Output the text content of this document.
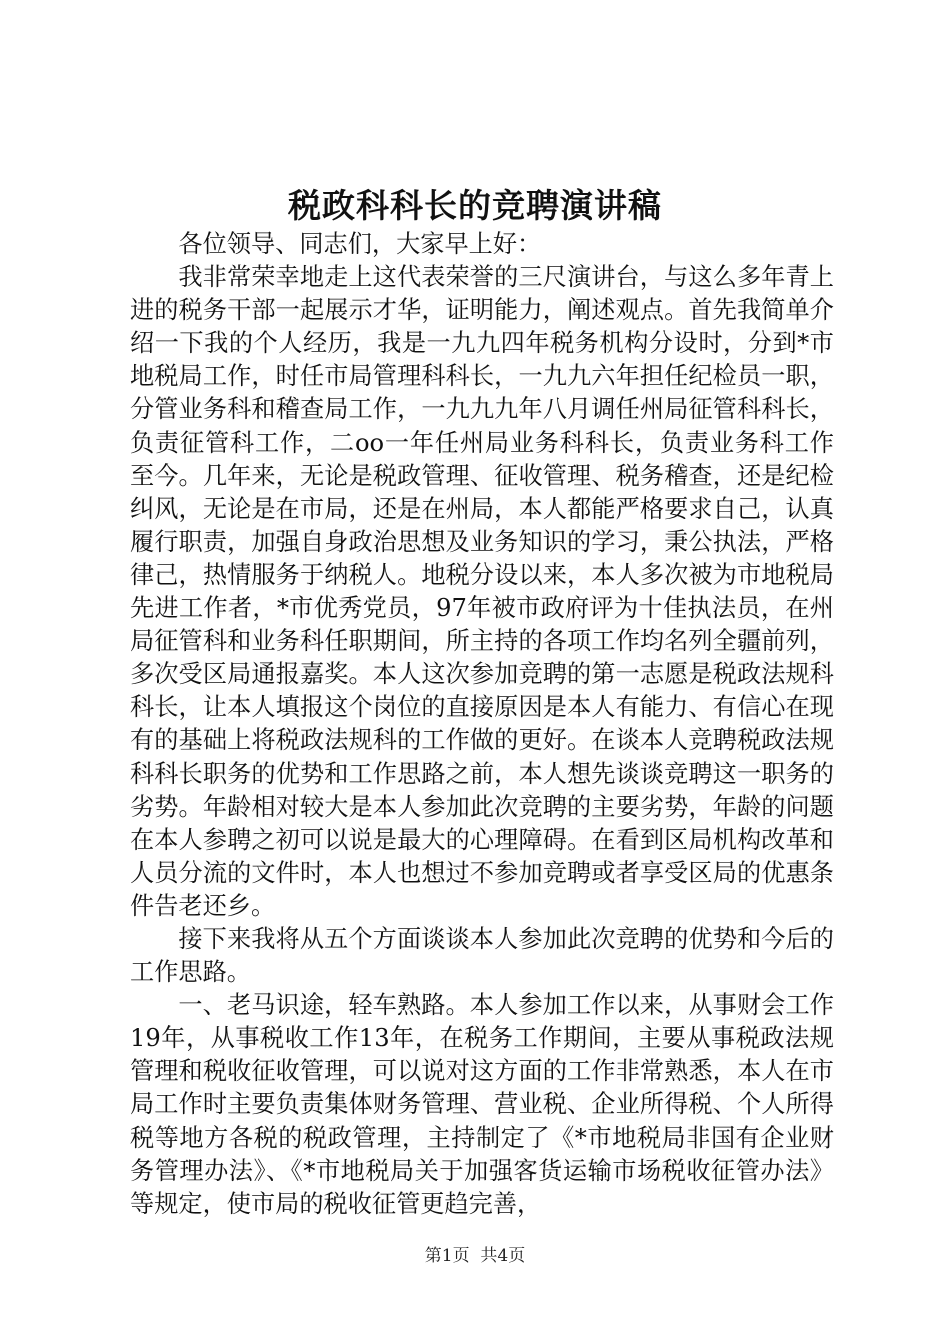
税政科科长的竞聘演讲稿

各位领导、同志们，大家早上好：

我非常荣幸地走上这代表荣誉的三尺演讲台，与这么多年青上进的税务干部一起展示才华，证明能力，阐述观点。首先我简单介绍一下我的个人经历，我是一九九四年税务机构分设时，分到*市地税局工作，时任市局管理科科长，一九九六年担任纪检员一职，分管业务科和稽查局工作，一九九九年八月调任州局征管科科长，负责征管科工作，二oo一年任州局业务科科长，负责业务科工作至今。几年来，无论是税政管理、征收管理、税务稽查，还是纪检纠风，无论是在市局，还是在州局，本人都能严格要求自己，认真履行职责，加强自身政治思想及业务知识的学习，秉公执法，严格律己，热情服务于纳税人。地税分设以来，本人多次被为市地税局先进工作者，*市优秀党员，97年被市政府评为十佳执法员，在州局征管科和业务科任职期间，所主持的各项工作均名列全疆前列，多次受区局通报嘉奖。本人这次参加竞聘的第一志愿是税政法规科科长，让本人填报这个岗位的直接原因是本人有能力、有信心在现有的基础上将税政法规科的工作做的更好。在谈本人竞聘税政法规科科长职务的优势和工作思路之前，本人想先谈谈竞聘这一职务的劣势。年龄相对较大是本人参加此次竞聘的主要劣势，年龄的问题在本人参聘之初可以说是最大的心理障碍。在看到区局机构改革和人员分流的文件时，本人也想过不参加竞聘或者享受区局的优惠条件告老还乡。

接下来我将从五个方面谈谈本人参加此次竞聘的优势和今后的工作思路。

一、老马识途，轻车熟路。本人参加工作以来，从事财会工作19年，从事税收工作13年，在税务工作期间，主要从事税政法规管理和税收征收管理，可以说对这方面的工作非常熟悉，本人在市局工作时主要负责集体财务管理、营业税、企业所得税、个人所得税等地方各税的税政管理，主持制定了《*市地税局非国有企业财务管理办法》、《*市地税局关于加强客货运输市场税收征管办法》等规定，使市局的税收征管更趋完善，

第1页 共4页
